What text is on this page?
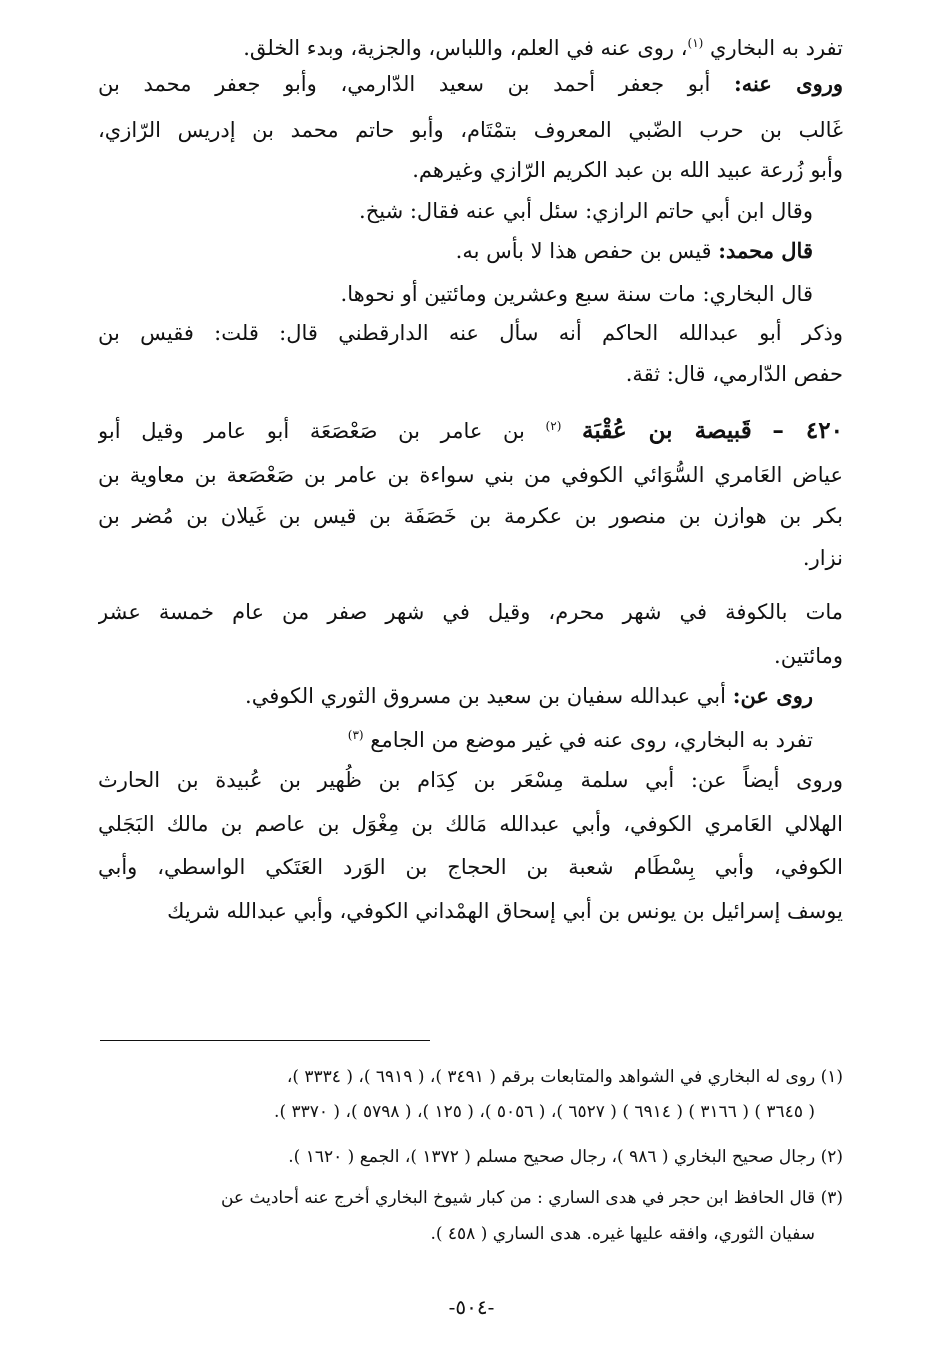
تفرد به البخاري $^{(١)}$، روى عنه في العلم، واللباس، والجزية، وبدء الخلق.
وروى عنه: أبو جعفر أحمد بن سعيد الدّارمي، وأبو جعفر محمد بن
غَالب بن حرب الضّبي المعروف بتمْتَام، وأبو حاتم محمد بن إدريس الرّازي،
وأبو زُرعة عبيد الله بن عبد الكريم الرّازي وغيرهم.
وقال ابن أبي حاتم الرازي: سئل أبي عنه فقال: شيخ.
قال محمد: قيس بن حفص هذا لا بأس به.
قال البخاري: مات سنة سبع وعشرين ومائتين أو نحوها.
وذكر أبو عبدالله الحاكم أنه سأل عنه الدارقطني قال: قلت: فقيس بن
حفص الدّارمي، قال: ثقة.
٤٢٠ – قَبيصة بن عُقْبَة $^{(٢)}$ بن عامر بن صَعْصَعَة أبو عامر وقيل أبو
عياض العَامري السُّوَائي الكوفي من بني سواءة بن عامر بن صَعْصَعة بن معاوية بن
بكر بن هوازن بن منصور بن عكرمة بن خَصَفَة بن قيس بن غَيلان بن مُضر بن
نزار.
مات بالكوفة في شهر محرم، وقيل في شهر صفر من عام خمسة عشر
ومائتين.
روى عن: أبي عبدالله سفيان بن سعيد بن مسروق الثوري الكوفي.
تفرد به البخاري، روى عنه في غير موضع من الجامع $^{(٣)}$
وروى أيضاً عن: أبي سلمة مِسْعَر بن كِدَام بن ظُهير بن عُبيدة بن الحارث
الهلالي العَامري الكوفي، وأبي عبدالله مَالك بن مِغْوَل بن عاصم بن مالك البَجَلي
الكوفي، وأبي بِسْطَام شعبة بن الحجاج بن الوَرد العَتَكي الواسطي، وأبي
يوسف إسرائيل بن يونس بن أبي إسحاق الهمْداني الكوفي، وأبي عبدالله شريك
(١) روى له البخاري في الشواهد والمتابعات برقم ( ٣٤٩١ )، ( ٦٩١٩ )، ( ٣٣٣٤ )،
( ٣٦٤٥ ) ( ٣١٦٦ ) ( ٦٩١٤ ) ( ٦٥٢٧ )، ( ٥٠٥٦ )، ( ١٢٥ )، ( ٥٧٩٨ )، ( ٣٣٧٠ ).
(٢) رجال صحيح البخاري ( ٩٨٦ )، رجال صحيح مسلم ( ١٣٧٢ )، الجمع ( ١٦٢٠ ).
(٣) قال الحافظ ابن حجر في هدى الساري : من كبار شيوخ البخاري أخرج عنه أحاديث عن
سفيان الثوري، وافقه عليها غيره. هدى الساري ( ٤٥٨ ).
-٥٠٤-
